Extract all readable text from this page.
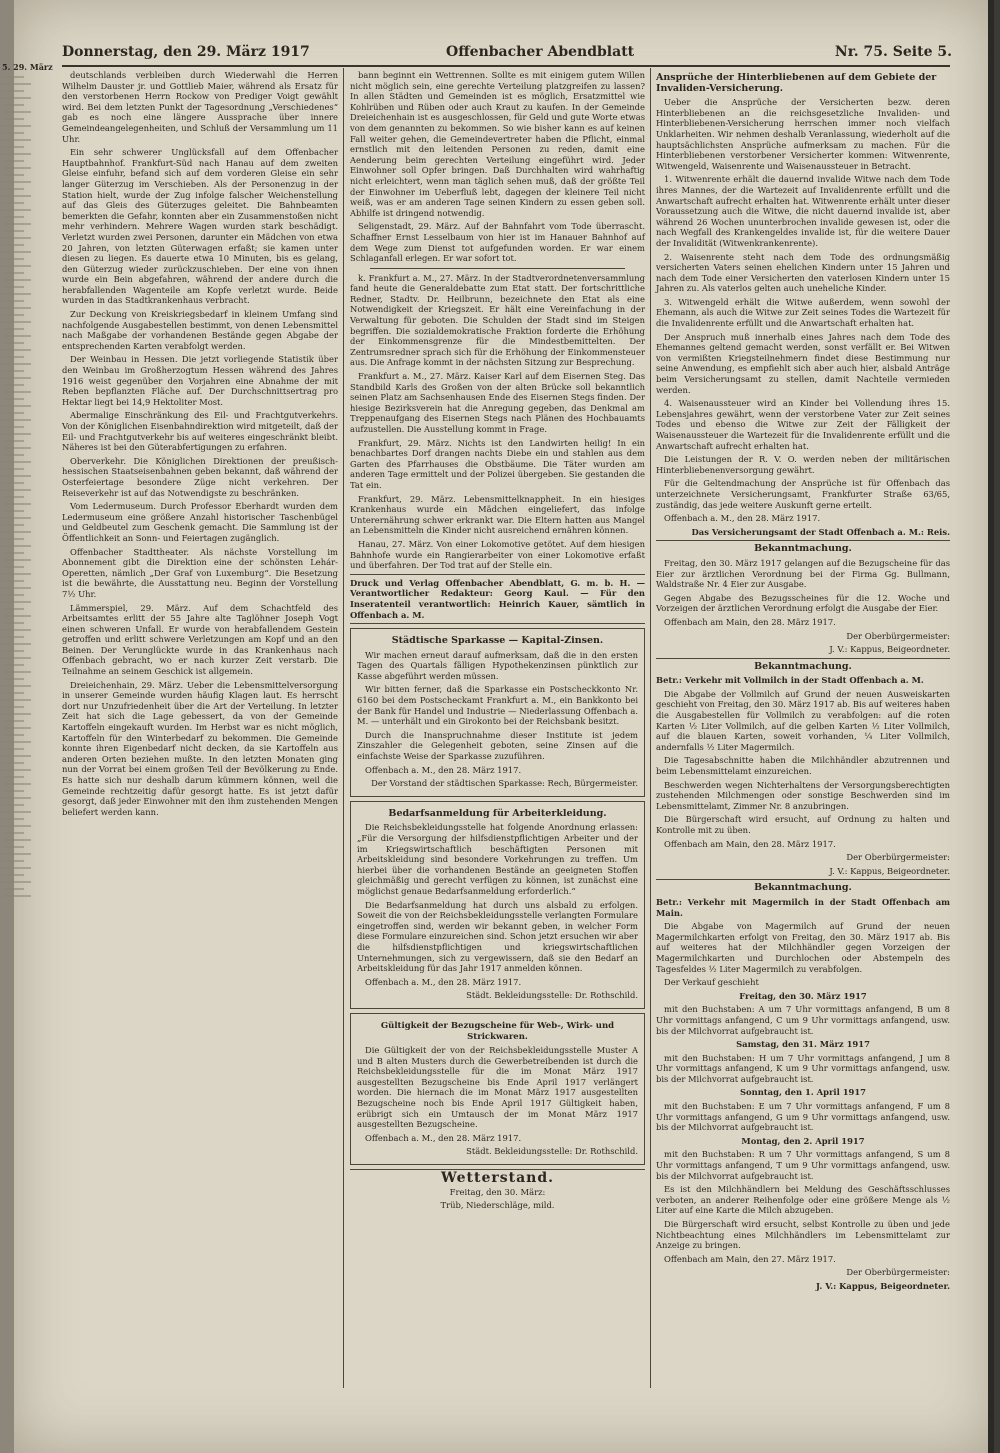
5. 29. März
Donnerstag, den 29. März 1917	Offenbacher Abendblatt	Nr. 75. Seite 5.

deutschlands verbleiben durch Wiederwahl die Herren Wilhelm Dauster jr. und Gottlieb Maier, während als Ersatz für den verstorbenen Herrn Rockow von Prediger Voigt gewählt wird. Bei dem letzten Punkt der Tagesordnung „Verschiedenes“ gab es noch eine längere Aussprache über innere Gemeindeangelegenheiten, und Schluß der Versammlung um 11 Uhr.

Ein sehr schwerer Unglücksfall auf dem Offenbacher Hauptbahnhof. Frankfurt-Süd nach Hanau auf dem zweiten Gleise einfuhr, befand sich auf dem vorderen Gleise ein sehr langer Güterzug im Verschieben. Als der Personenzug in der Station hielt, wurde der Zug infolge falscher Weichenstellung auf das Gleis des Güterzuges geleitet. Die Bahnbeamten bemerkten die Gefahr, konnten aber ein Zusammenstoßen nicht mehr verhindern. Mehrere Wagen wurden stark beschädigt. Verletzt wurden zwei Personen, darunter ein Mädchen von etwa 20 Jahren, von letzten Güterwagen erfaßt; sie kamen unter diesen zu liegen. Es dauerte etwa 10 Minuten, bis es gelang, den Güterzug wieder zurückzuschieben. Der eine von ihnen wurde ein Bein abgefahren, während der andere durch die herabfallenden Wagenteile am Kopfe verletzt wurde. Beide wurden in das Stadtkrankenhaus verbracht.

Zur Deckung von Kreiskriegsbedarf in kleinem Umfang sind nachfolgende Ausgabestellen bestimmt, von denen Lebensmittel nach Maßgabe der vorhandenen Bestände gegen Abgabe der entsprechenden Karten verabfolgt werden.

Der Weinbau in Hessen. Die jetzt vorliegende Statistik über den Weinbau im Großherzogtum Hessen während des Jahres 1916 weist gegenüber den Vorjahren eine Abnahme der mit Reben bepflanzten Fläche auf. Der Durchschnittsertrag pro Hektar liegt bei 14,9 Hektoliter Most.

Abermalige Einschränkung des Eil- und Frachtgutverkehrs. Von der Königlichen Eisenbahndirektion wird mitgeteilt, daß der Eil- und Frachtgutverkehr bis auf weiteres eingeschränkt bleibt. Näheres ist bei den Güterabfertigungen zu erfahren.

Oberverkehr. Die Königlichen Direktionen der preußisch-hessischen Staatseisenbahnen geben bekannt, daß während der Osterfeiertage besondere Züge nicht verkehren. Der Reiseverkehr ist auf das Notwendigste zu beschränken.

Vom Ledermuseum. Durch Professor Eberhardt wurden dem Ledermuseum eine größere Anzahl historischer Taschenbügel und Geldbeutel zum Geschenk gemacht. Die Sammlung ist der Öffentlichkeit an Sonn- und Feiertagen zugänglich.

Offenbacher Stadttheater. Als nächste Vorstellung im Abonnement gibt die Direktion eine der schönsten Lehár-Operetten, nämlich „Der Graf von Luxemburg“. Die Besetzung ist die bewährte, die Ausstattung neu. Beginn der Vorstellung 7½ Uhr.

Lämmerspiel, 29. März. Auf dem Schachtfeld des Arbeitsamtes erlitt der 55 Jahre alte Taglöhner Joseph Vogt einen schweren Unfall. Er wurde von herabfallendem Gestein getroffen und erlitt schwere Verletzungen am Kopf und an den Beinen. Der Verunglückte wurde in das Krankenhaus nach Offenbach gebracht, wo er nach kurzer Zeit verstarb. Die Teilnahme an seinem Geschick ist allgemein.

Dreieichenhain, 29. März. Ueber die Lebensmittelversorgung in unserer Gemeinde wurden häufig Klagen laut. Es herrscht dort nur Unzufriedenheit über die Art der Verteilung. In letzter Zeit hat sich die Lage gebessert, da von der Gemeinde Kartoffeln eingekauft wurden. Im Herbst war es nicht möglich, Kartoffeln für den Winterbedarf zu bekommen. Die Gemeinde konnte ihren Eigenbedarf nicht decken, da sie Kartoffeln aus anderen Orten beziehen mußte. In den letzten Monaten ging nun der Vorrat bei einem großen Teil der Bevölkerung zu Ende. Es hatte sich nur deshalb darum kümmern können, weil die Gemeinde rechtzeitig dafür gesorgt hatte. Es ist jetzt dafür gesorgt, daß jeder Einwohner mit den ihm zustehenden Mengen beliefert werden kann.

bann beginnt ein Wettrennen. Sollte es mit einigem gutem Willen nicht möglich sein, eine gerechte Verteilung platzgreifen zu lassen? In allen Städten und Gemeinden ist es möglich, Ersatzmittel wie Kohlrüben und Rüben oder auch Kraut zu kaufen. In der Gemeinde Dreieichenhain ist es ausgeschlossen, für Geld und gute Worte etwas von dem genannten zu bekommen. So wie bisher kann es auf keinen Fall weiter gehen, die Gemeindevertreter haben die Pflicht, einmal ernstlich mit den leitenden Personen zu reden, damit eine Aenderung beim gerechten Verteilung eingeführt wird. Jeder Einwohner soll Opfer bringen. Daß Durchhalten wird wahrhaftig nicht erleichtert, wenn man täglich sehen muß, daß der größte Teil der Einwohner im Ueberfluß lebt, dagegen der kleinere Teil nicht weiß, was er am anderen Tage seinen Kindern zu essen geben soll. Abhilfe ist dringend notwendig.

Seligenstadt, 29. März. Auf der Bahnfahrt vom Tode überrascht. Schaffner Ernst Lesselbaum von hier ist im Hanauer Bahnhof auf dem Wege zum Dienst tot aufgefunden worden. Er war einem Schlaganfall erlegen. Er war sofort tot.

k. Frankfurt a. M., 27. März. In der Stadtverordnetenversammlung fand heute die Generaldebatte zum Etat statt. Der fortschrittliche Redner, Stadtv. Dr. Heilbrunn, bezeichnete den Etat als eine Notwendigkeit der Kriegszeit. Er hält eine Vereinfachung in der Verwaltung für geboten. Die Schulden der Stadt sind im Steigen begriffen. Die sozialdemokratische Fraktion forderte die Erhöhung der Einkommensgrenze für die Mindestbemittelten. Der Zentrumsredner sprach sich für die Erhöhung der Einkommensteuer aus. Die Anfrage kommt in der nächsten Sitzung zur Besprechung.

Frankfurt a. M., 27. März. Kaiser Karl auf dem Eisernen Steg. Das Standbild Karls des Großen von der alten Brücke soll bekanntlich seinen Platz am Sachsenhausen Ende des Eisernen Stegs finden. Der hiesige Bezirksverein hat die Anregung gegeben, das Denkmal am Treppenaufgang des Eisernen Stegs nach Plänen des Hochbauamts aufzustellen. Die Ausstellung kommt in Frage.

Frankfurt, 29. März. Nichts ist den Landwirten heilig! In ein benachbartes Dorf drangen nachts Diebe ein und stahlen aus dem Garten des Pfarrhauses die Obstbäume. Die Täter wurden am anderen Tage ermittelt und der Polizei übergeben. Sie gestanden die Tat ein.

Frankfurt, 29. März. Lebensmittelknappheit. In ein hiesiges Krankenhaus wurde ein Mädchen eingeliefert, das infolge Unterernährung schwer erkrankt war. Die Eltern hatten aus Mangel an Lebensmitteln die Kinder nicht ausreichend ernähren können.

Hanau, 27. März. Von einer Lokomotive getötet. Auf dem hiesigen Bahnhofe wurde ein Rangierarbeiter von einer Lokomotive erfaßt und überfahren. Der Tod trat auf der Stelle ein.

Druck und Verlag Offenbacher Abendblatt, G. m. b. H. — Verantwortlicher Redakteur: Georg Kaul. — Für den Inseratenteil verantwortlich: Heinrich Kauer, sämtlich in Offenbach a. M.

Städtische Sparkasse — Kapital-Zinsen.

Wir machen erneut darauf aufmerksam, daß die in den ersten Tagen des Quartals fälligen Hypothekenzinsen pünktlich zur Kasse abgeführt werden müssen.

Wir bitten ferner, daß die Sparkasse ein Postscheckkonto Nr. 6160 bei dem Postscheckamt Frankfurt a. M., ein Bankkonto bei der Bank für Handel und Industrie — Niederlassung Offenbach a. M. — unterhält und ein Girokonto bei der Reichsbank besitzt.

Durch die Inanspruchnahme dieser Institute ist jedem Zinszahler die Gelegenheit geboten, seine Zinsen auf die einfachste Weise der Sparkasse zuzuführen.

Offenbach a. M., den 28. März 1917.

Der Vorstand der städtischen Sparkasse: Rech, Bürgermeister.

Bedarfsanmeldung für Arbeiterkleidung.

Die Reichsbekleidungsstelle hat folgende Anordnung erlassen: „Für die Versorgung der hilfsdienstpflichtigen Arbeiter und der im Kriegswirtschaftlich beschäftigten Personen mit Arbeitskleidung sind besondere Vorkehrungen zu treffen. Um hierbei über die vorhandenen Bestände an geeigneten Stoffen gleichmäßig und gerecht verfügen zu können, ist zunächst eine möglichst genaue Bedarfsanmeldung erforderlich.“

Die Bedarfsanmeldung hat durch uns alsbald zu erfolgen. Soweit die von der Reichsbekleidungsstelle verlangten Formulare eingetroffen sind, werden wir bekannt geben, in welcher Form diese Formulare einzureichen sind. Schon jetzt ersuchen wir aber die hilfsdienstpflichtigen und kriegswirtschaftlichen Unternehmungen, sich zu vergewissern, daß sie den Bedarf an Arbeitskleidung für das Jahr 1917 anmelden können.

Offenbach a. M., den 28. März 1917.

Städt. Bekleidungsstelle: Dr. Rothschild.

Gültigkeit der Bezugscheine für Web-, Wirk- und Strickwaren.

Die Gültigkeit der von der Reichsbekleidungsstelle Muster A und B alten Musters durch die Gewerbetreibenden ist durch die Reichsbekleidungsstelle für die im Monat März 1917 ausgestellten Bezugscheine bis Ende April 1917 verlängert worden. Die hiernach die im Monat März 1917 ausgestellten Bezugscheine noch bis Ende April 1917 Gültigkeit haben, erübrigt sich ein Umtausch der im Monat März 1917 ausgestellten Bezugscheine.

Offenbach a. M., den 28. März 1917.

Städt. Bekleidungsstelle: Dr. Rothschild.

Wetterstand.

Freitag, den 30. März:

Trüb, Niederschläge, mild.

Ansprüche der Hinterbliebenen auf dem Gebiete der Invaliden-Versicherung.

Ueber die Ansprüche der Versicherten bezw. deren Hinterbliebenen an die reichsgesetzliche Invaliden- und Hinterbliebenen-Versicherung herrschen immer noch vielfach Unklarheiten. Wir nehmen deshalb Veranlassung, wiederholt auf die hauptsächlichsten Ansprüche aufmerksam zu machen. Für die Hinterbliebenen verstorbener Versicherter kommen: Witwenrente, Witwengeld, Waisenrente und Waisenaussteuer in Betracht.

1. Witwenrente erhält die dauernd invalide Witwe nach dem Tode ihres Mannes, der die Wartezeit auf Invalidenrente erfüllt und die Anwartschaft aufrecht erhalten hat. Witwenrente erhält unter dieser Voraussetzung auch die Witwe, die nicht dauernd invalide ist, aber während 26 Wochen ununterbrochen invalide gewesen ist, oder die nach Wegfall des Krankengeldes invalide ist, für die weitere Dauer der Invalidität (Witwenkrankenrente).

2. Waisenrente steht nach dem Tode des ordnungsmäßig versicherten Vaters seinen ehelichen Kindern unter 15 Jahren und nach dem Tode einer Versicherten den vaterlosen Kindern unter 15 Jahren zu. Als vaterlos gelten auch uneheliche Kinder.

3. Witwengeld erhält die Witwe außerdem, wenn sowohl der Ehemann, als auch die Witwe zur Zeit seines Todes die Wartezeit für die Invalidenrente erfüllt und die Anwartschaft erhalten hat.

Der Anspruch muß innerhalb eines Jahres nach dem Tode des Ehemannes geltend gemacht werden, sonst verfällt er. Bei Witwen von vermißten Kriegsteilnehmern findet diese Bestimmung nur seine Anwendung, es empfiehlt sich aber auch hier, alsbald Anträge beim Versicherungsamt zu stellen, damit Nachteile vermieden werden.

4. Waisenaussteuer wird an Kinder bei Vollendung ihres 15. Lebensjahres gewährt, wenn der verstorbene Vater zur Zeit seines Todes und ebenso die Witwe zur Zeit der Fälligkeit der Waisenaussteuer die Wartezeit für die Invalidenrente erfüllt und die Anwartschaft aufrecht erhalten hat.

Die Leistungen der R. V. O. werden neben der militärischen Hinterbliebenenversorgung gewährt.

Für die Geltendmachung der Ansprüche ist für Offenbach das unterzeichnete Versicherungsamt, Frankfurter Straße 63/65, zuständig, das jede weitere Auskunft gerne erteilt.

Offenbach a. M., den 28. März 1917.

Das Versicherungsamt der Stadt Offenbach a. M.: Reis.

Bekanntmachung.

Freitag, den 30. März 1917 gelangen auf die Bezugscheine für das Eier zur ärztlichen Verordnung bei der Firma Gg. Bullmann, Waldstraße Nr. 4 Eier zur Ausgabe.

Gegen Abgabe des Bezugsscheines für die 12. Woche und Vorzeigen der ärztlichen Verordnung erfolgt die Ausgabe der Eier.

Offenbach am Main, den 28. März 1917.

Der Oberbürgermeister:

J. V.: Kappus, Beigeordneter.

Bekanntmachung.

Betr.: Verkehr mit Vollmilch in der Stadt Offenbach a. M.

Die Abgabe der Vollmilch auf Grund der neuen Ausweiskarten geschieht von Freitag, den 30. März 1917 ab. Bis auf weiteres haben die Ausgabestellen für Vollmilch zu verabfolgen: auf die roten Karten ½ Liter Vollmilch, auf die gelben Karten ½ Liter Vollmilch, auf die blauen Karten, soweit vorhanden, ¼ Liter Vollmilch, andernfalls ½ Liter Magermilch.

Die Tagesabschnitte haben die Milchhändler abzutrennen und beim Lebensmittelamt einzureichen.

Beschwerden wegen Nichterhaltens der Versorgungsberechtigten zustehenden Milchmengen oder sonstige Beschwerden sind im Lebensmittelamt, Zimmer Nr. 8 anzubringen.

Die Bürgerschaft wird ersucht, auf Ordnung zu halten und Kontrolle mit zu üben.

Offenbach am Main, den 28. März 1917.

Der Oberbürgermeister:

J. V.: Kappus, Beigeordneter.

Bekanntmachung.

Betr.: Verkehr mit Magermilch in der Stadt Offenbach am Main.

Die Abgabe von Magermilch auf Grund der neuen Magermilchkarten erfolgt von Freitag, den 30. März 1917 ab. Bis auf weiteres hat der Milchhändler gegen Vorzeigen der Magermilchkarten und Durchlochen oder Abstempeln des Tagesfeldes ½ Liter Magermilch zu verabfolgen.

Der Verkauf geschieht

Freitag, den 30. März 1917

mit den Buchstaben: A um 7 Uhr vormittags anfangend, B um 8 Uhr vormittags anfangend, C um 9 Uhr vormittags anfangend, usw. bis der Milchvorrat aufgebraucht ist.

Samstag, den 31. März 1917

mit den Buchstaben: H um 7 Uhr vormittags anfangend, J um 8 Uhr vormittags anfangend, K um 9 Uhr vormittags anfangend, usw. bis der Milchvorrat aufgebraucht ist.

Sonntag, den 1. April 1917

mit den Buchstaben: E um 7 Uhr vormittags anfangend, F um 8 Uhr vormittags anfangend, G um 9 Uhr vormittags anfangend, usw. bis der Milchvorrat aufgebraucht ist.

Montag, den 2. April 1917

mit den Buchstaben: R um 7 Uhr vormittags anfangend, S um 8 Uhr vormittags anfangend, T um 9 Uhr vormittags anfangend, usw. bis der Milchvorrat aufgebraucht ist.

Es ist den Milchhändlern bei Meldung des Geschäftsschlusses verboten, an anderer Reihenfolge oder eine größere Menge als ½ Liter auf eine Karte die Milch abzugeben.

Die Bürgerschaft wird ersucht, selbst Kontrolle zu üben und jede Nichtbeachtung eines Milchhändlers im Lebensmittelamt zur Anzeige zu bringen.

Offenbach am Main, den 27. März 1917.

Der Oberbürgermeister:

J. V.: Kappus, Beigeordneter.
